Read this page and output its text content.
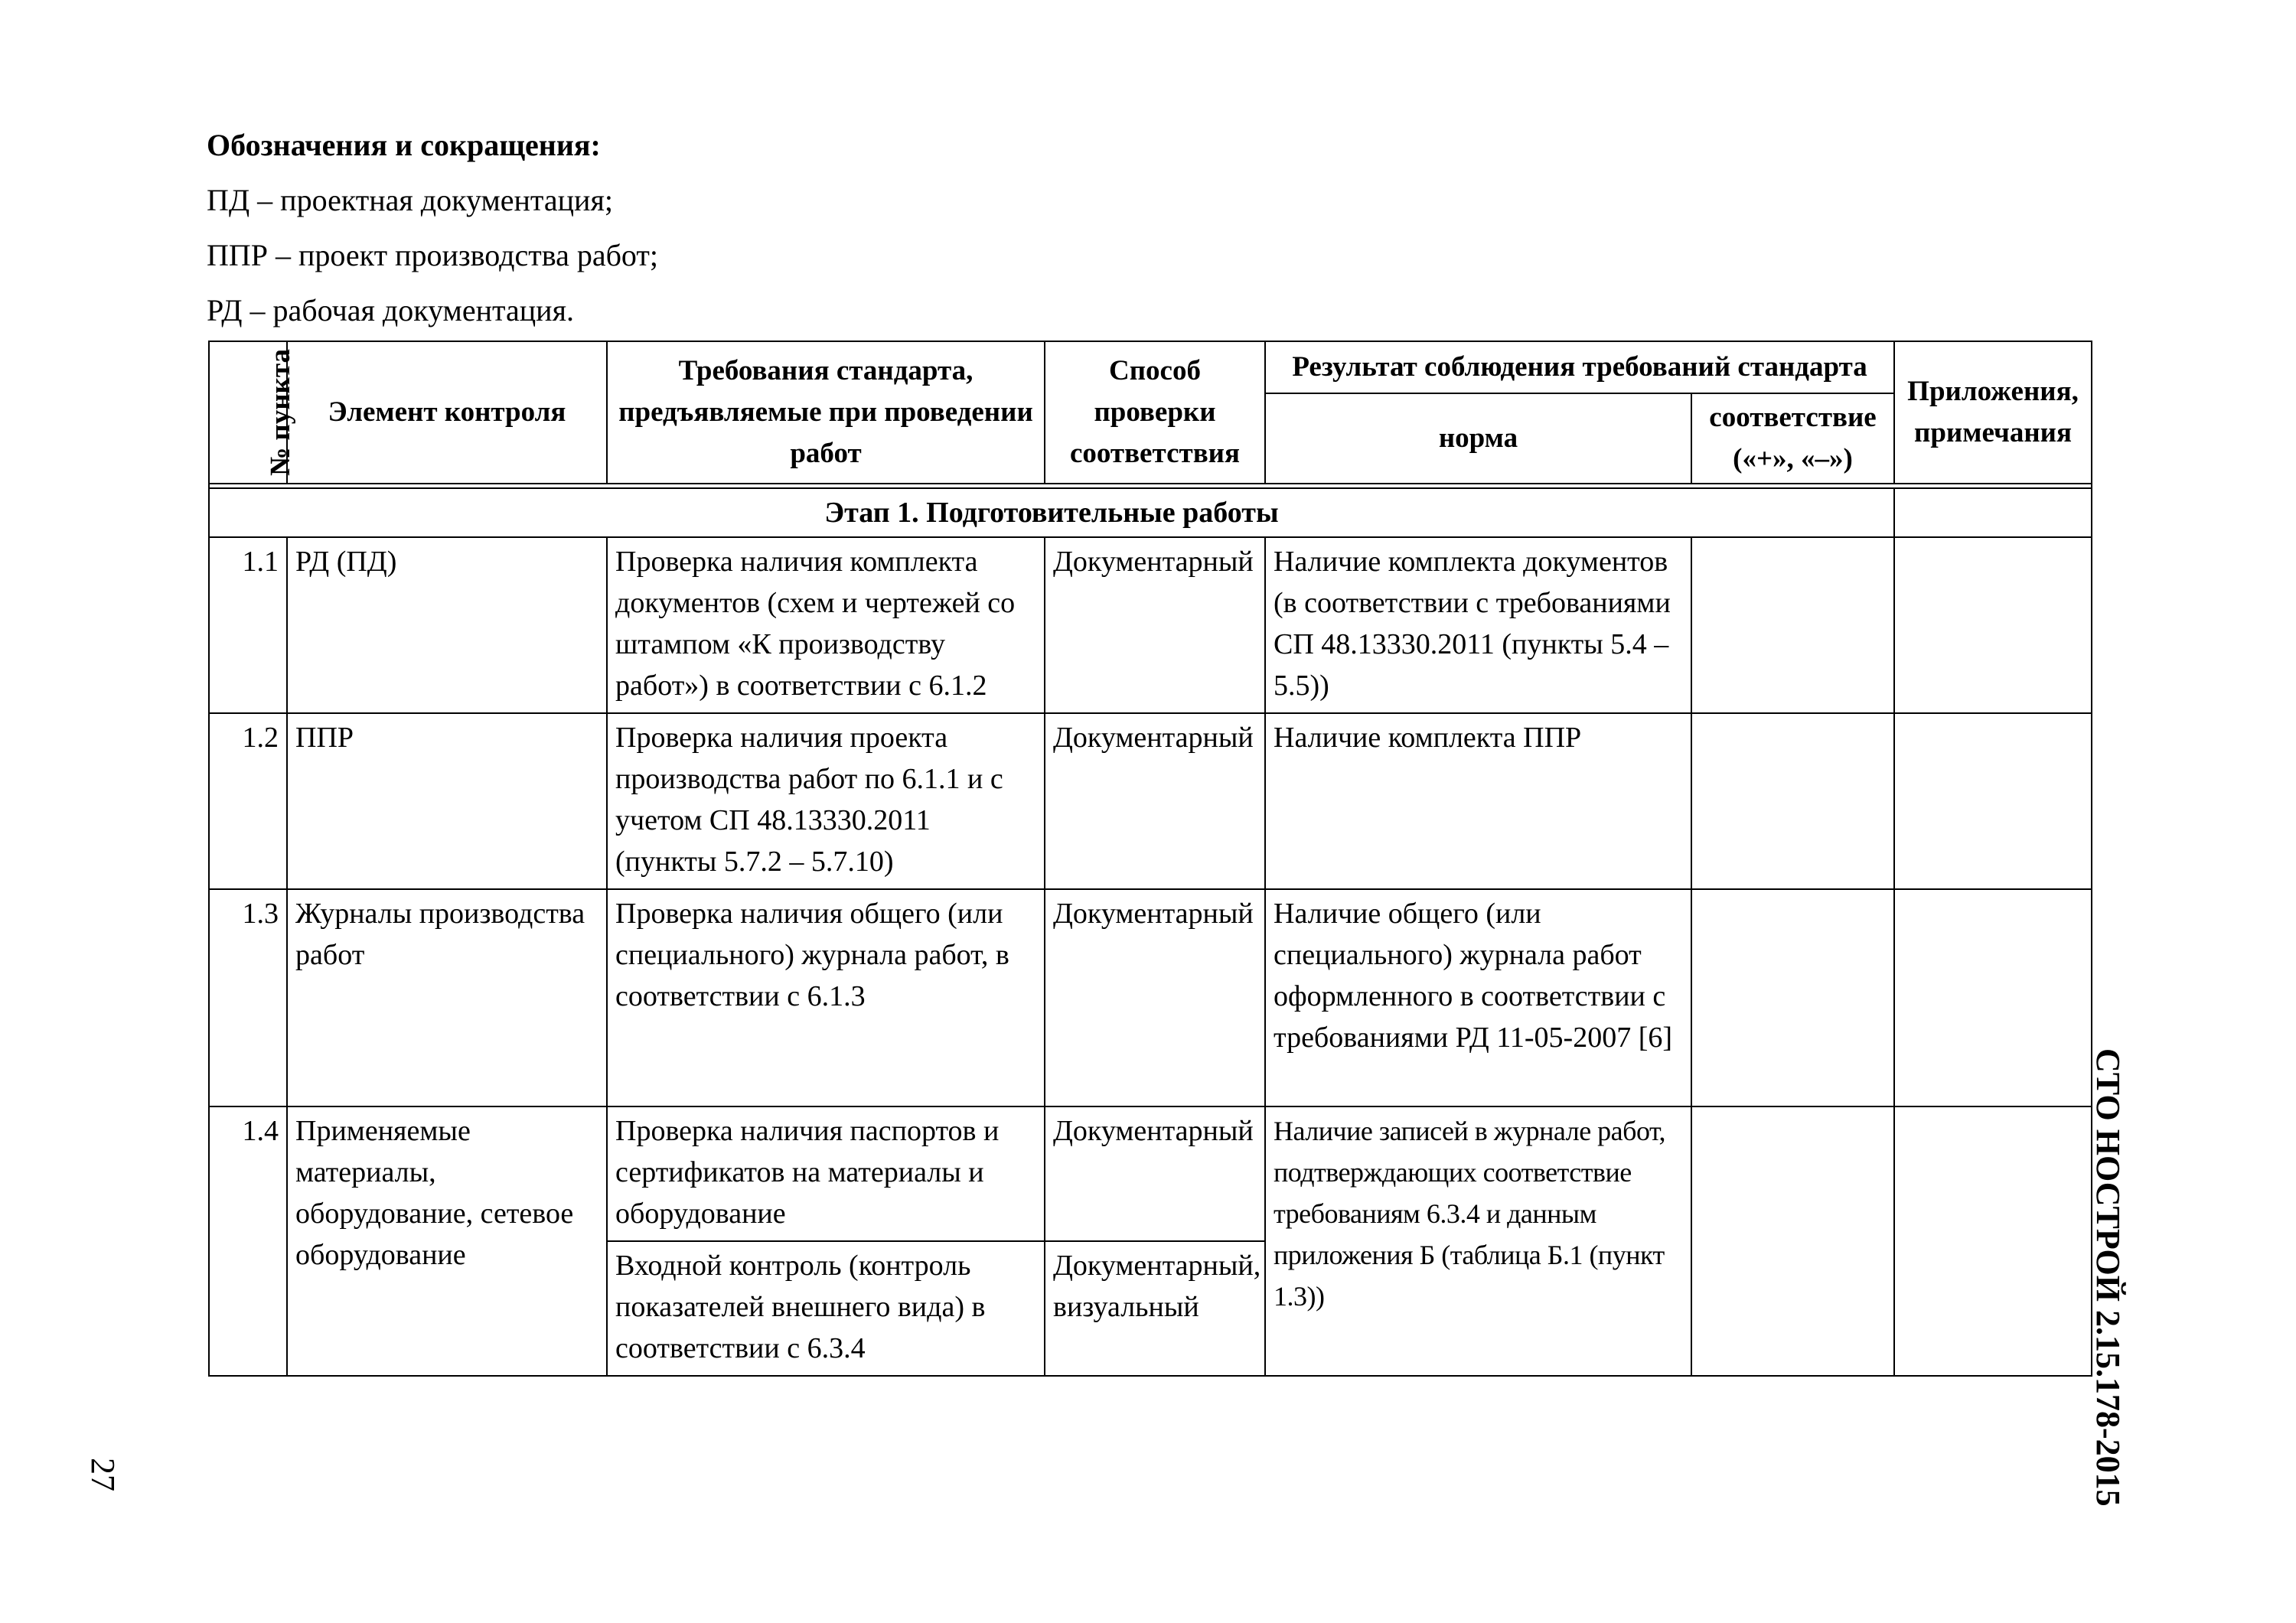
Обозначения и сокращения:
ПД – проектная документация;
ППР – проект производства работ;
РД – рабочая документация.
№ пункта	Элемент контроля	Требования стандарта, предъявляемые при проведении работ	Способ проверки соответствия	Результат соблюдения требований стандарта		Приложения, примечания
				норма	соответствие («+», «–»)	

Этап 1. Подготовительные работы						
1.1	РД (ПД)	Проверка наличия комплекта документов (схем и чертежей со штампом «К производству работ») в соответствии с 6.1.2	Документарный	Наличие комплекта документов (в соответствии с требованиями СП 48.13330.2011 (пункты 5.4 – 5.5))		
1.2	ППР	Проверка наличия проекта производства работ по 6.1.1 и с учетом СП 48.13330.2011 (пункты 5.7.2 – 5.7.10)	Документарный	Наличие комплекта ППР		
1.3	Журналы производства работ	Проверка наличия общего (или специального) журнала работ, в соответствии с 6.1.3	Документарный	Наличие общего (или специального) журнала работ оформленного в соответствии с требованиями РД 11-05-2007 [6]		
1.4	Применяемые материалы, оборудование, сетевое оборудование	Проверка наличия паспортов и сертификатов на материалы и оборудование	Документарный	Наличие записей в журнале работ, подтверждающих соответствие требованиям 6.3.4 и данным приложения Б (таблица Б.1 (пункт 1.3))		
		Входной контроль (контроль показателей внешнего вида) в соответствии с 6.3.4	Документарный, визуальный				СТО НОСТРОЙ 2.15.178-2015
27
